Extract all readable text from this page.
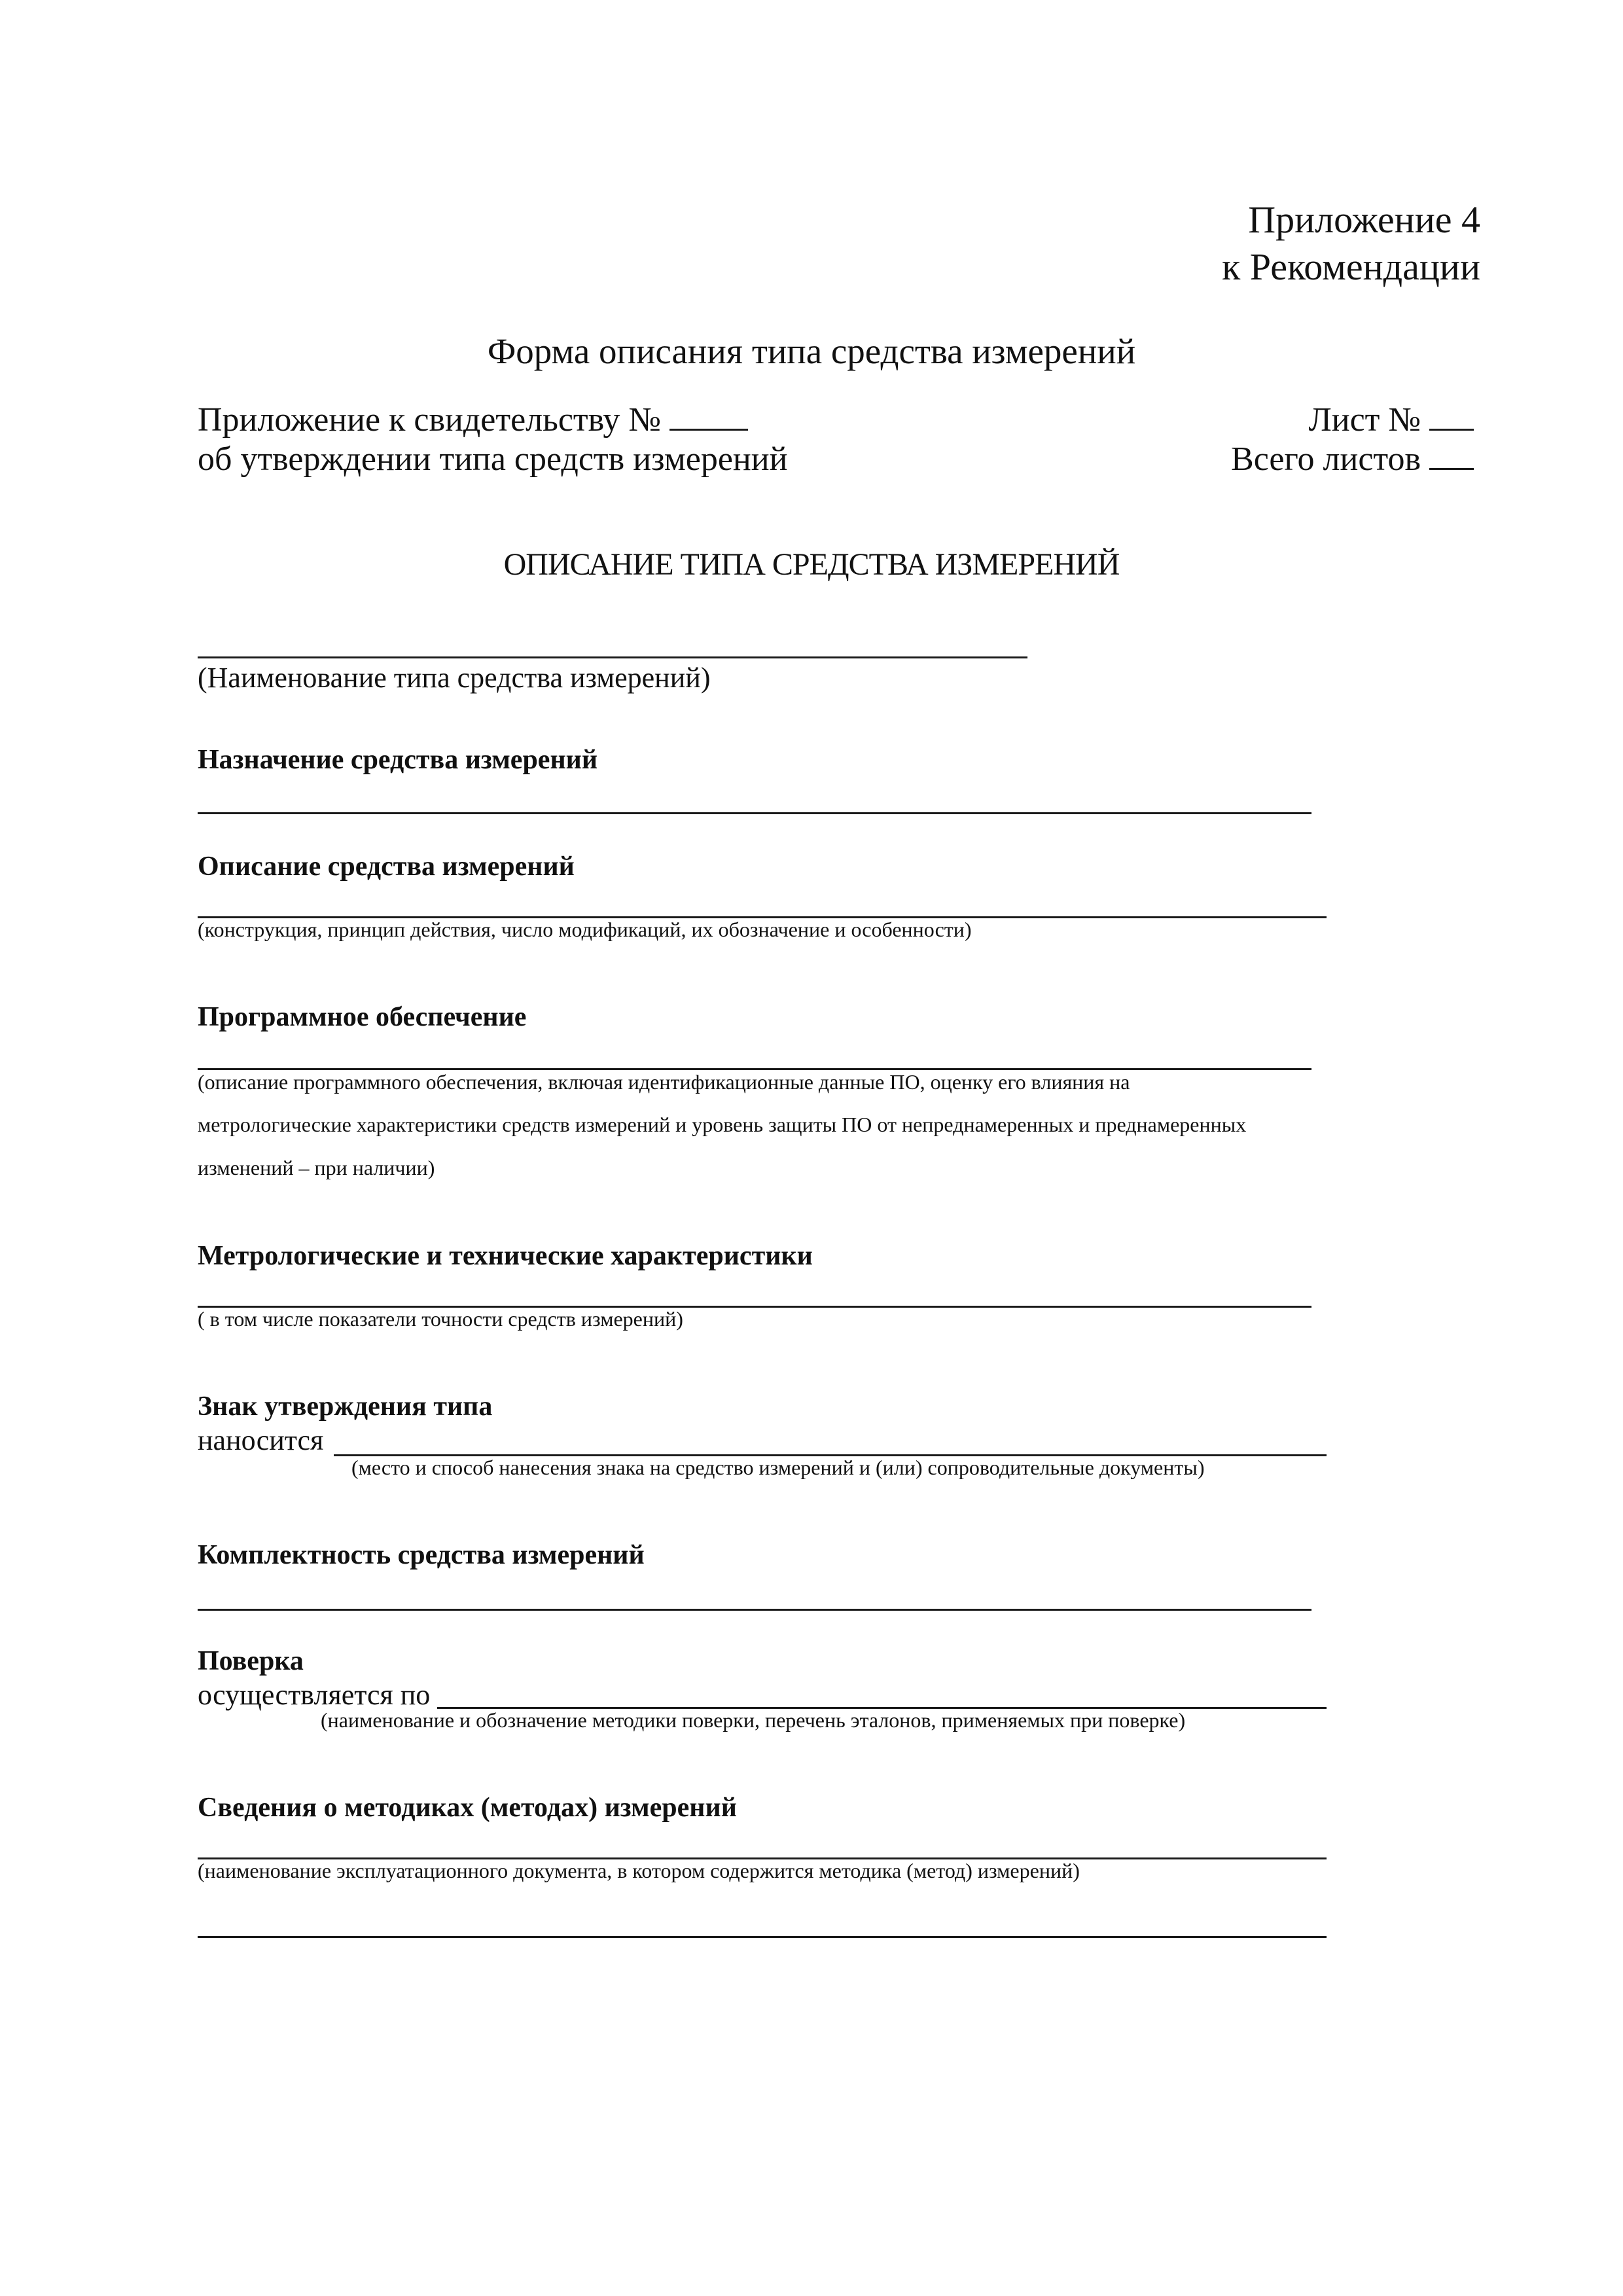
Приложение 4
к Рекомендации
Форма описания типа средства измерений
Приложение к свидетельству №
об утверждении типа средств измерений
Лист №
Всего листов
ОПИСАНИЕ ТИПА СРЕДСТВА ИЗМЕРЕНИЙ
(Наименование типа средства измерений)
Назначение средства измерений
Описание средства измерений
(конструкция, принцип действия, число модификаций, их обозначение и особенности)
Программное обеспечение
(описание программного обеспечения, включая идентификационные данные ПО, оценку его влияния на
метрологические характеристики средств измерений и уровень защиты ПО от непреднамеренных и преднамеренных
изменений – при наличии)
Метрологические и технические характеристики
( в том числе показатели точности средств измерений)
Знак утверждения типа
наносится
(место и способ нанесения знака на средство измерений и (или) сопроводительные документы)
Комплектность средства измерений
Поверка
осуществляется по
(наименование и обозначение методики поверки, перечень эталонов, применяемых при поверке)
Сведения о методиках (методах) измерений
(наименование эксплуатационного документа, в котором содержится методика (метод) измерений)
